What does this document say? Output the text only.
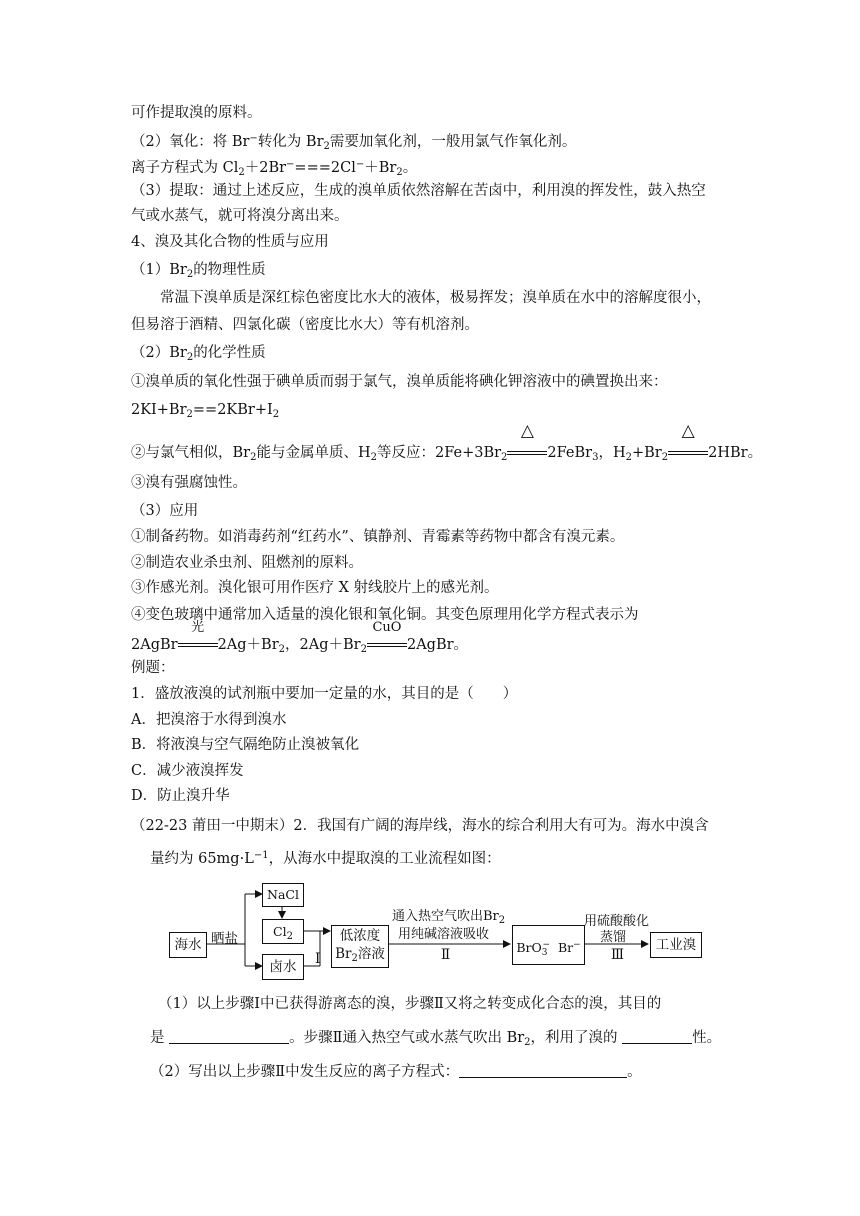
可作提取溴的原料。
（2）氧化：将 Br−转化为 $Br_2$需要加氧化剂，一般用氯气作氧化剂。
离子方程式为 $Cl_2+2Br^-===2Cl^-+Br_2$。
（3）提取：通过上述反应，生成的溴单质依然溶解在苦卤中，利用溴的挥发性，鼓入热空
气或水蒸气，就可将溴分离出来。
4、溴及其化合物的性质与应用
$(1)Br_2$的物理性质
常温下溴单质是深红棕色密度比水大的液体，极易挥发；溴单质在水中的溶解度很小，
但易溶于酒精、四氯化碳（密度比水大）等有机溶剂。
$(2)Br_2$的化学性质
①溴单质的氧化性强于碘单质而弱于氯气，溴单质能将碘化钾溶液中的碘置换出来：
$2KI+Br_2==2KBr+I_2$
②与氯气相似，$Br_2$能与金属单质、$H_2$等反应：$2Fe+3Br_2$
△
2FeBr$_3$，$H_2+Br_2$
△
2HBr。
③溴有强腐蚀性。
（3）应用
①制备药物。如消毒药剂“红药水”、镇静剂、青霉素等药物中都含有溴元素。
②制造农业杀虫剂、阻燃剂的原料。
③作感光剂。溴化银可用作医疗 X 射线胶片上的感光剂。
④变色玻璃中通常加入适量的溴化银和氧化铜。其变色原理用化学方程式表示为
2AgBr
光
$2Ag+Br_2$，$2Ag+Br_2$
CuO
2AgBr。
例题：
1．盛放液溴的试剂瓶中要加一定量的水，其目的是（　　）
A．把溴溶于水得到溴水
B．将液溴与空气隔绝防止溴被氧化
C．减少液溴挥发
D．防止溴升华
（22-23 莆田一中期末）2．我国有广阔的海岸线，海水的综合利用大有可为。海水中溴含
量约为 $65mg\cdot L^{-1}$，从海水中提取溴的工业流程如图：
海水 晒盐
NaCl
$Cl_2$
卤水	Ⅰ
低浓度
$Br_2$溶液
通入热空气吹出$Br_2$
用纯碱溶液吸收
Ⅱ	BrO$_3$− Br−
用硫酸酸化
蒸馏
Ⅲ
工业溴
（1）以上步骤Ⅰ中已获得游离态的溴，步骤Ⅱ又将之转变成化合态的溴，其目的
是	。步骤Ⅱ通入热空气或水蒸气吹出 $Br_2$，利用了溴的	性。
（2）写出以上步骤Ⅱ中发生反应的离子方程式：	。
